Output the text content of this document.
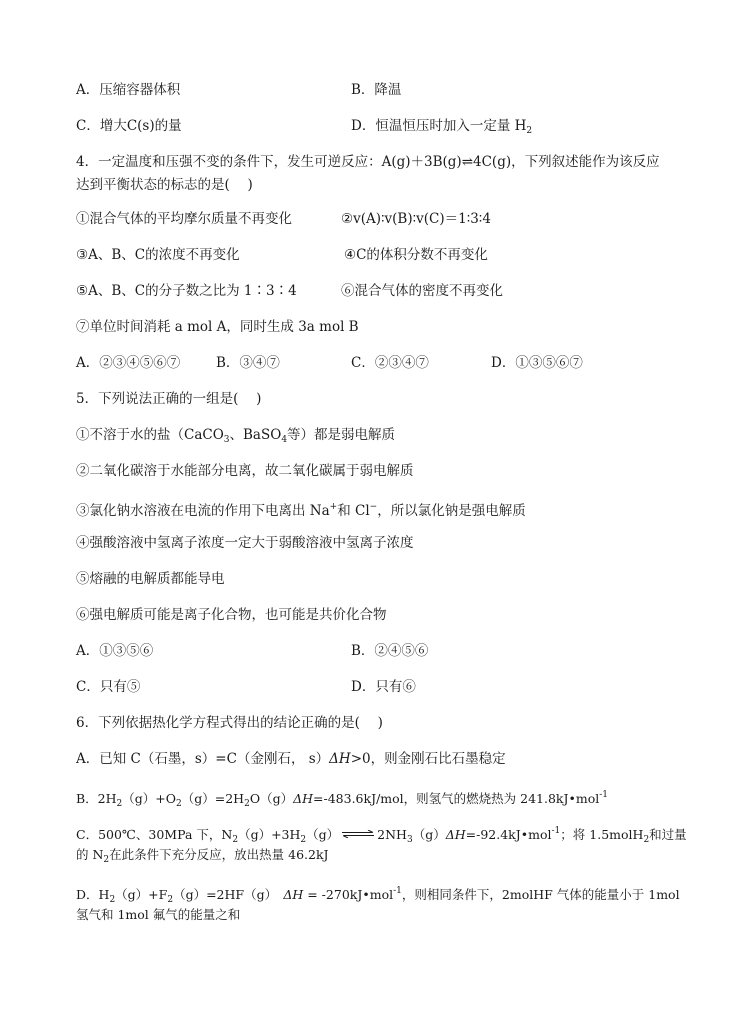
A．压缩容器体积	B．降温
C．增大C(s)的量	D．恒温恒压时加入一定量 $H_2$
4．一定温度和压强不变的条件下，发生可逆反应：A(g)＋3B(g)⇌4C(g)，下列叙述能作为该反应
达到平衡状态的标志的是(　 )
①混合气体的平均摩尔质量不再变化	②v(A)∶v(B)∶v(C)＝1∶3∶4
③A、B、C的浓度不再变化	④C的体积分数不再变化
⑤A、B、C的分子数之比为 1∶3∶4	⑥混合气体的密度不再变化
⑦单位时间消耗 a mol A，同时生成 3a mol B
A．②③④⑤⑥⑦	B．③④⑦	C．②③④⑦	D．①③⑤⑥⑦
5．下列说法正确的一组是(　 )
①不溶于水的盐（CaCO$_3$、BaSO$_4$等）都是弱电解质
②二氧化碳溶于水能部分电离，故二氧化碳属于弱电解质
③氯化钠水溶液在电流的作用下电离出 Na+和 Cl−，所以氯化钠是强电解质
④强酸溶液中氢离子浓度一定大于弱酸溶液中氢离子浓度
⑤熔融的电解质都能导电
⑥强电解质可能是离子化合物，也可能是共价化合物
A．①③⑤⑥	B．②④⑤⑥
C．只有⑤	D．只有⑥
6．下列依据热化学方程式得出的结论正确的是(　 )
A．已知 C（石墨，s）=C（金刚石， s）ΔH>0，则金刚石比石墨稳定
B．$2H_2(g)+O_2(g)=2H_2O(g)\Delta H=-483.6kJ$/mol，则氢气的燃烧热为 241.8kJ•mol$^{-1}$
C．500℃、30MPa 下，$N_2(g)+3H_2(g)$ ⇌ $2NH_3(g)\Delta H=-92.4kJ•mol^{-1}$；将 1.5molH$_2$和过量
的 $N_2$在此条件下充分反应，放出热量 46.2kJ
D．$H_2(g)+F_2(g)=2HF(g)$　ΔH = -270kJ•mol$^{-1}$，则相同条件下，2molHF 气体的能量小于 1mol
氢气和 1mol 氟气的能量之和
